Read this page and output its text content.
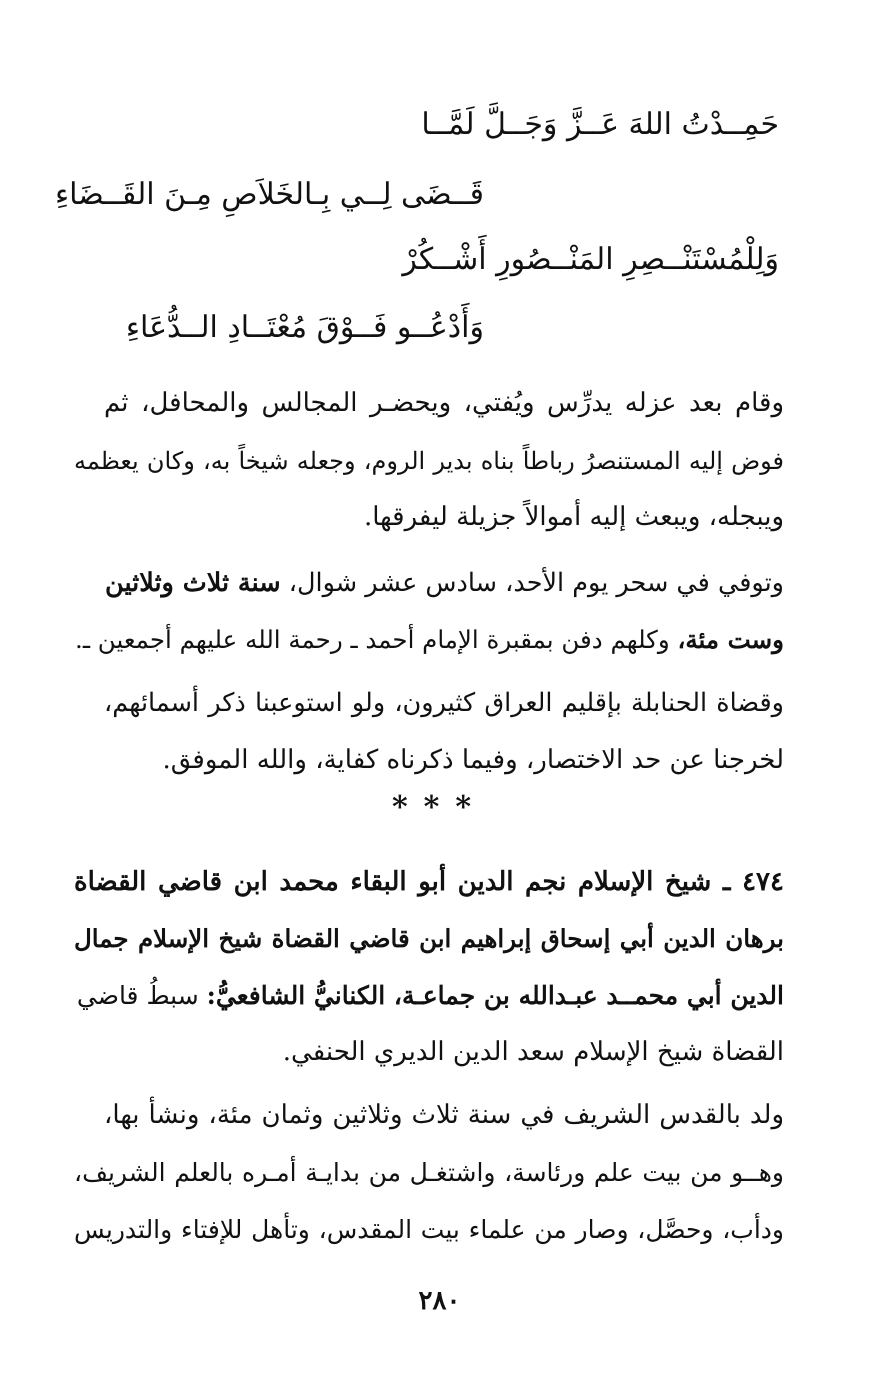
حَمِــدْتُ اللهَ عَــزَّ وَجَــلَّ لَمَّــا
قَــضَى لِــي بِـالخَلاَصِ مِـنَ القَــضَاءِ
وَلِلْمُسْتَنْــصِرِ المَنْــصُورِ أَشْــكُرْ
وَأَدْعُــو فَــوْقَ مُعْتَــادِ الــدُّعَاءِ
وقام بعد عزله يدرِّس ويُفتي، ويحضـر المجالس والمحافل، ثم
فوض إليه المستنصرُ رباطاً بناه بدير الروم، وجعله شيخاً به، وكان يعظمه
ويبجله، ويبعث إليه أموالاً جزيلة ليفرقها.
وتوفي في سحر يوم الأحد، سادس عشر شوال، سنة ثلاث وثلاثين
وست مئة، وكلهم دفن بمقبرة الإمام أحمد ـ رحمة الله عليهم أجمعين ـ.
وقضاة الحنابلة بإقليم العراق كثيرون، ولو استوعبنا ذكر أسمائهم،
لخرجنا عن حد الاختصار، وفيما ذكرناه كفاية، والله الموفق.
***
٤٧٤ ـ شيخ الإسلام نجم الدين أبو البقاء محمد ابن قاضي القضاة
برهان الدين أبي إسحاق إبراهيم ابن قاضي القضاة شيخ الإسلام جمال
الدين أبي محمــد عبـدالله بن جماعـة، الكنانيُّ الشافعيُّ: سبطُ قاضي
القضاة شيخ الإسلام سعد الدين الديري الحنفي.
ولد بالقدس الشريف في سنة ثلاث وثلاثين وثمان مئة، ونشأ بها،
وهــو من بيت علم ورئاسة، واشتغـل من بدايـة أمـره بالعلم الشريف،
ودأب، وحصَّل، وصار من علماء بيت المقدس، وتأهل للإفتاء والتدريس
٢٨٠
